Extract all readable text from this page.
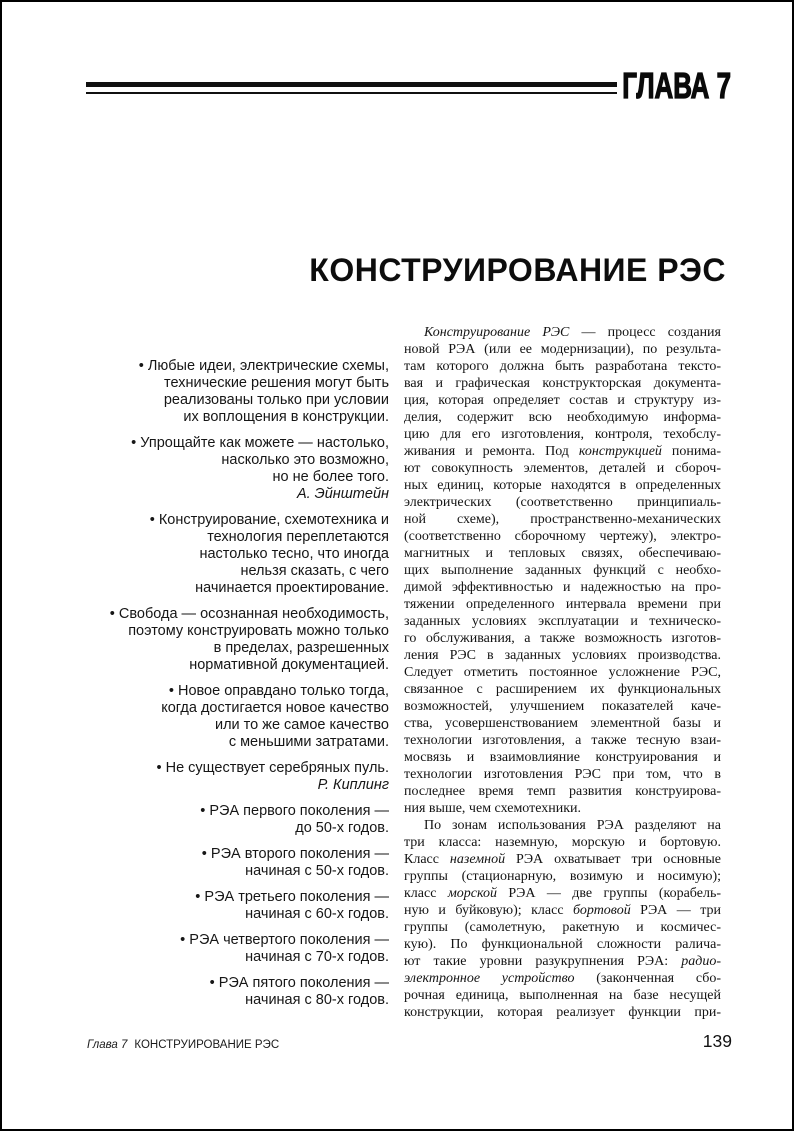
ГЛАВА 7
КОНСТРУИРОВАНИЕ РЭС
• Любые идеи, электрические схемы,
технические решения могут быть
реализованы только при условии
их воплощения в конструкции.
• Упрощайте как можете — настолько,
насколько это возможно,
но не более того.
А. Эйнштейн
• Конструирование, схемотехника и
технология переплетаются
настолько тесно, что иногда
нельзя сказать, с чего
начинается проектирование.
• Свобода — осознанная необходимость,
поэтому конструировать можно только
в пределах, разрешенных
нормативной документацией.
• Новое оправдано только тогда,
когда достигается новое качество
или то же самое качество
с меньшими затратами.
• Не существует серебряных пуль.
Р. Киплинг
• РЭА первого поколения —
до 50-х годов.
• РЭА второго поколения —
начиная с 50-х годов.
• РЭА третьего поколения —
начиная с 60-х годов.
• РЭА четвертого поколения —
начиная с 70-х годов.
• РЭА пятого поколения —
начиная с 80-х годов.
Конструирование РЭС — процесс создания
новой РЭА (или ее модернизации), по результа-
там которого должна быть разработана тексто-
вая и графическая конструкторская документа-
ция, которая определяет состав и структуру из-
делия, содержит всю необходимую информа-
цию для его изготовления, контроля, техобслу-
живания и ремонта. Под конструкцией понима-
ют совокупность элементов, деталей и сбороч-
ных единиц, которые находятся в определенных
электрических (соответственно принципиаль-
ной схеме), пространственно-механических
(соответственно сборочному чертежу), электро-
магнитных и тепловых связях, обеспечиваю-
щих выполнение заданных функций с необхо-
димой эффективностью и надежностью на про-
тяжении определенного интервала времени при
заданных условиях эксплуатации и техническо-
го обслуживания, а также возможность изготов-
ления РЭС в заданных условиях производства.
Следует отметить постоянное усложнение РЭС,
связанное с расширением их функциональных
возможностей, улучшением показателей каче-
ства, усовершенствованием элементной базы и
технологии изготовления, а также тесную взаи-
мосвязь и взаимовлияние конструирования и
технологии изготовления РЭС при том, что в
последнее время темп развития конструирова-
ния выше, чем схемотехники.
По зонам использования РЭА разделяют на
три класса: наземную, морскую и бортовую.
Класс наземной РЭА охватывает три основные
группы (стационарную, возимую и носимую);
класс морской РЭА — две группы (корабель-
ную и буйковую); класс бортовой РЭА — три
группы (самолетную, ракетную и космичес-
кую). По функциональной сложности ралича-
ют такие уровни разукрупнения РЭА: радио-
электронное устройство (законченная сбо-
рочная единица, выполненная на базе несущей
конструкции, которая реализует функции при-
Глава 7 КОНСТРУИРОВАНИЕ РЭС	139
